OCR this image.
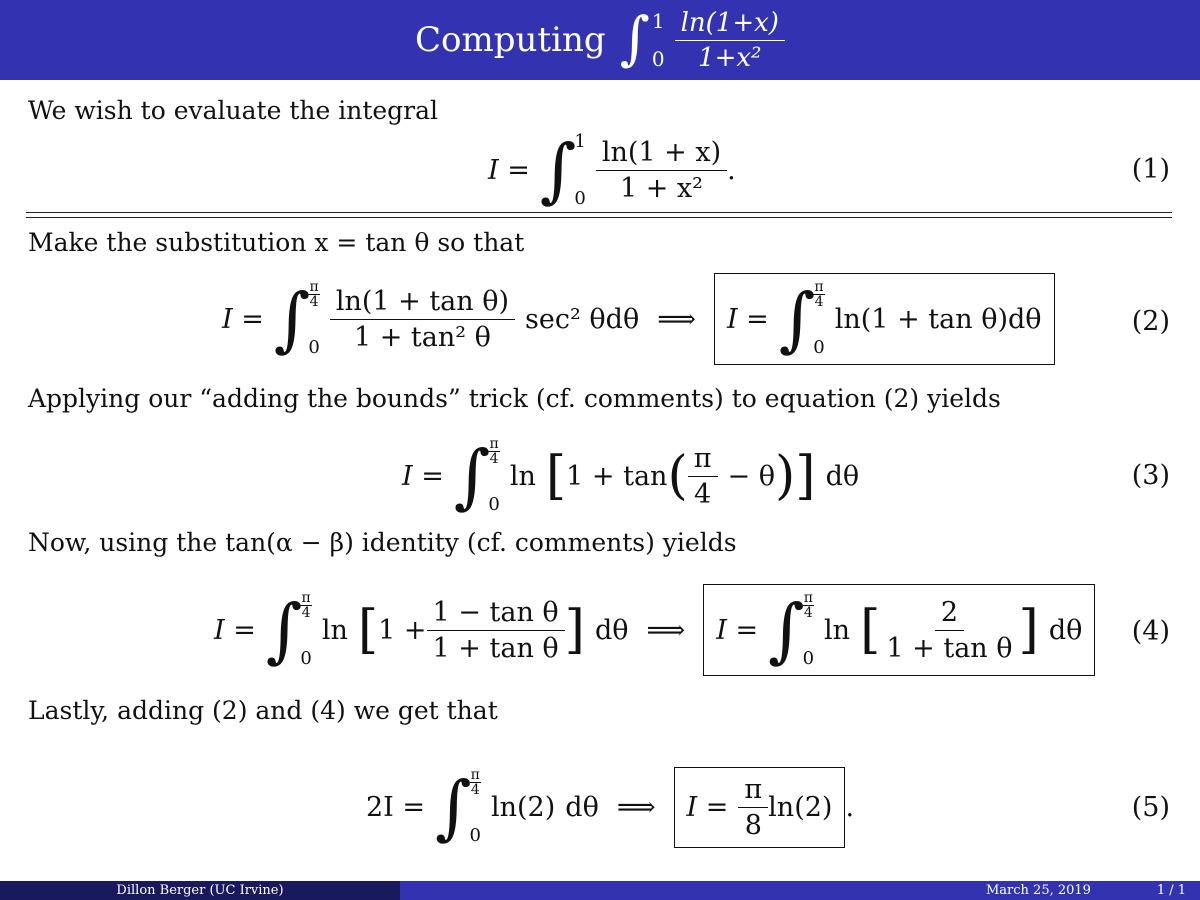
Computing ∫ 1
$0 \frac{\ln(1+x)}{\text{1+x²}}$
We wish to evaluate the integral
I = ∫
1
$0 \frac{\ln(1 + x)}{\text{1 + x²}}$ .	(1)
Make the substitution x = tan θ so that
I = ∫ π
4
$0 \frac{\text{ln(1 + tan θ)}}{\text{1 + tan² θ}} \sec^2$ θdθ ⟹ I = ∫ π
4
0
ln(1 + tan θ)dθ	(2)
Applying our “adding the bounds” trick (cf. comments) to equation (2) yields
I = ∫ π
4
0
ln [ 1 + tan ( $\frac{\pi}{4} - \theta$ ) ] dθ	(3)
Now, using the tan(α − β) identity (cf. comments) yields
I = ∫ π
4
0
ln [ $1 + \frac{\text{1 − tan θ}}{\text{1 + tan θ}}$ ] dθ ⟹ I = ∫ π
4
0
ln [ $\frac{2}{\text{1 + tan θ}}$ ] dθ (4)
Lastly, adding (2) and (4) we get that
2I = ∫ π
4
0
ln(2) dθ ⟹ $I = \frac{\pi}{8} \ln(2)$ .	(5)
Dillon Berger (UC Irvine)	March 25, 2019	1 / 1
